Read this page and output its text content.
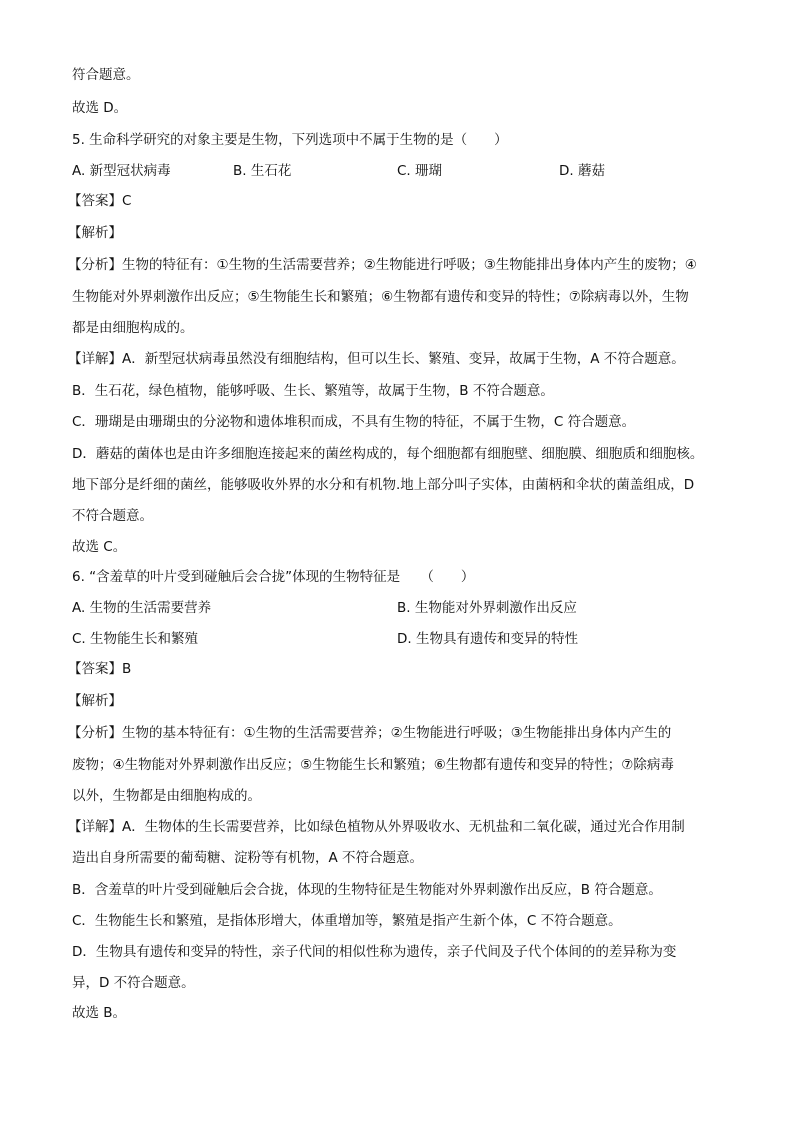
符合题意。
故选 D。
5. 生命科学研究的对象主要是生物，下列选项中不属于生物的是（　　）
A. 新型冠状病毒	B. 生石花	C. 珊瑚	D. 蘑菇
【答案】C
【解析】
【分析】生物的特征有：①生物的生活需要营养；②生物能进行呼吸；③生物能排出身体内产生的废物；④
生物能对外界刺激作出反应；⑤生物能生长和繁殖；⑥生物都有遗传和变异的特性；⑦除病毒以外，生物
都是由细胞构成的。
【详解】A．新型冠状病毒虽然没有细胞结构，但可以生长、繁殖、变异，故属于生物，A 不符合题意。
B．生石花，绿色植物，能够呼吸、生长、繁殖等，故属于生物，B 不符合题意。
C．珊瑚是由珊瑚虫的分泌物和遗体堆积而成，不具有生物的特征，不属于生物，C 符合题意。
D．蘑菇的菌体也是由许多细胞连接起来的菌丝构成的，每个细胞都有细胞壁、细胞膜、细胞质和细胞核。
地下部分是纤细的菌丝，能够吸收外界的水分和有机物.地上部分叫子实体，由菌柄和伞状的菌盖组成，D
不符合题意。
故选 C。
6. “含羞草的叶片受到碰触后会合拢”体现的生物特征是　　（　　）
A. 生物的生活需要营养	B. 生物能对外界刺激作出反应
C. 生物能生长和繁殖	D. 生物具有遗传和变异的特性
【答案】B
【解析】
【分析】生物的基本特征有：①生物的生活需要营养；②生物能进行呼吸；③生物能排出身体内产生的
废物；④生物能对外界刺激作出反应；⑤生物能生长和繁殖；⑥生物都有遗传和变异的特性；⑦除病毒
以外，生物都是由细胞构成的。
【详解】A．生物体的生长需要营养，比如绿色植物从外界吸收水、无机盐和二氧化碳，通过光合作用制
造出自身所需要的葡萄糖、淀粉等有机物，A 不符合题意。
B．含羞草的叶片受到碰触后会合拢，体现的生物特征是生物能对外界刺激作出反应，B 符合题意。
C．生物能生长和繁殖，是指体形增大，体重增加等，繁殖是指产生新个体，C 不符合题意。
D．生物具有遗传和变异的特性，亲子代间的相似性称为遗传，亲子代间及子代个体间的的差异称为变
异，D 不符合题意。
故选 B。
